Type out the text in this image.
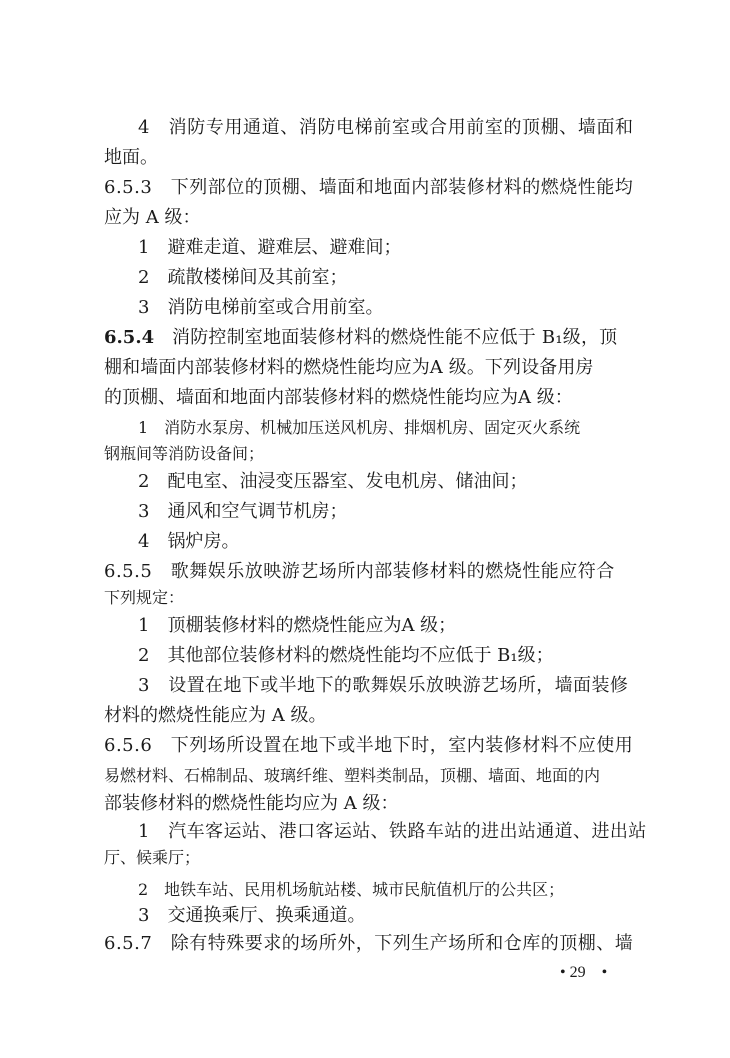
4　消防专用通道、消防电梯前室或合用前室的顶棚、墙面和
地面。
6.5.3　下列部位的顶棚、墙面和地面内部装修材料的燃烧性能均
应为 A 级：
1　避难走道、避难层、避难间；
2　疏散楼梯间及其前室；
3　消防电梯前室或合用前室。
6.5.4 消防控制室地面装修材料的燃烧性能不应低于 B₁级，顶
棚和墙面内部装修材料的燃烧性能均应为A 级。下列设备用房
的顶棚、墙面和地面内部装修材料的燃烧性能均应为A 级：
1　消防水泵房、机械加压送风机房、排烟机房、固定灭火系统
钢瓶间等消防设备间；
2　配电室、油浸变压器室、发电机房、储油间；
3　通风和空气调节机房；
4　锅炉房。
6.5.5　歌舞娱乐放映游艺场所内部装修材料的燃烧性能应符合
下列规定：
1　顶棚装修材料的燃烧性能应为A 级；
2　其他部位装修材料的燃烧性能均不应低于 B₁级；
3　设置在地下或半地下的歌舞娱乐放映游艺场所，墙面装修
材料的燃烧性能应为 A 级。
6.5.6　下列场所设置在地下或半地下时，室内装修材料不应使用
易燃材料、石棉制品、玻璃纤维、塑料类制品，顶棚、墙面、地面的内
部装修材料的燃烧性能均应为 A 级：
1　汽车客运站、港口客运站、铁路车站的进出站通道、进出站
厅、候乘厅；
2　地铁车站、民用机场航站楼、城市民航值机厅的公共区；
3　交通换乘厅、换乘通道。
6.5.7　除有特殊要求的场所外，下列生产场所和仓库的顶棚、墙
• 29　•
